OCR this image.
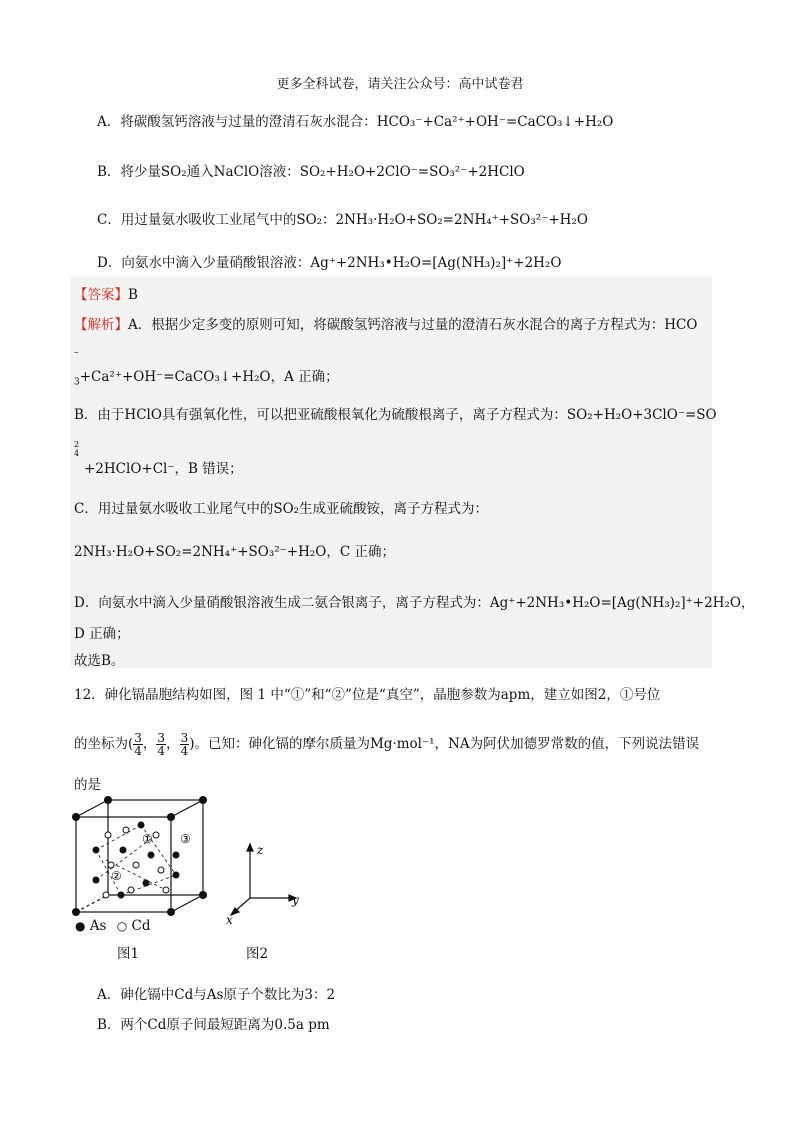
更多全科试卷，请关注公众号：高中试卷君
A．将碳酸氢钙溶液与过量的澄清石灰水混合：HCO₃⁻+Ca²⁺+OH⁻=CaCO₃↓+H₂O
B．将少量SO₂通入NaClO溶液：SO₂+H₂O+2ClO⁻=SO₃²⁻+2HClO
C．用过量氨水吸收工业尾气中的SO₂：2NH₃·H₂O+SO₂=2NH₄⁺+SO₃²⁻+H₂O
D．向氨水中滴入少量硝酸银溶液：Ag⁺+2NH₃•H₂O=[Ag(NH₃)₂]⁺+2H₂O
【答案】B
【解析】A．根据少定多变的原则可知，将碳酸氢钙溶液与过量的澄清石灰水混合的离子方程式为：HCO
–
$_3$+Ca²⁺+OH⁻=CaCO₃↓+H₂O，A 正确；
B．由于HClO具有强氧化性，可以把亚硫酸根氧化为硫酸根离子，离子方程式为：SO₂+H₂O+3ClO⁻=SO
2
4
+2HClO+Cl⁻，B 错误；
C．用过量氨水吸收工业尾气中的SO₂生成亚硫酸铵，离子方程式为：
2NH₃·H₂O+SO₂=2NH₄⁺+SO₃²⁻+H₂O，C 正确；
D．向氨水中滴入少量硝酸银溶液生成二氨合银离子，离子方程式为：Ag⁺+2NH₃•H₂O=[Ag(NH₃)₂]⁺+2H₂O，
D 正确；
故选B。
12．砷化镉晶胞结构如图，图 1 中“①”和“②”位是“真空”，晶胞参数为apm，建立如图2，①号位
的坐标为( $\frac{3}{4}$ ， $\frac{3}{4}$ ， $\frac{3}{4}$ )。已知：砷化镉的摩尔质量为Mg·mol⁻¹，NA为阿伏加德罗常数的值，下列说法错误
的是
①
②
③
● As ○ Cd
图1
z
y
x
图2
A．砷化镉中Cd与As原子个数比为3：2
B．两个Cd原子间最短距离为0.5a pm
